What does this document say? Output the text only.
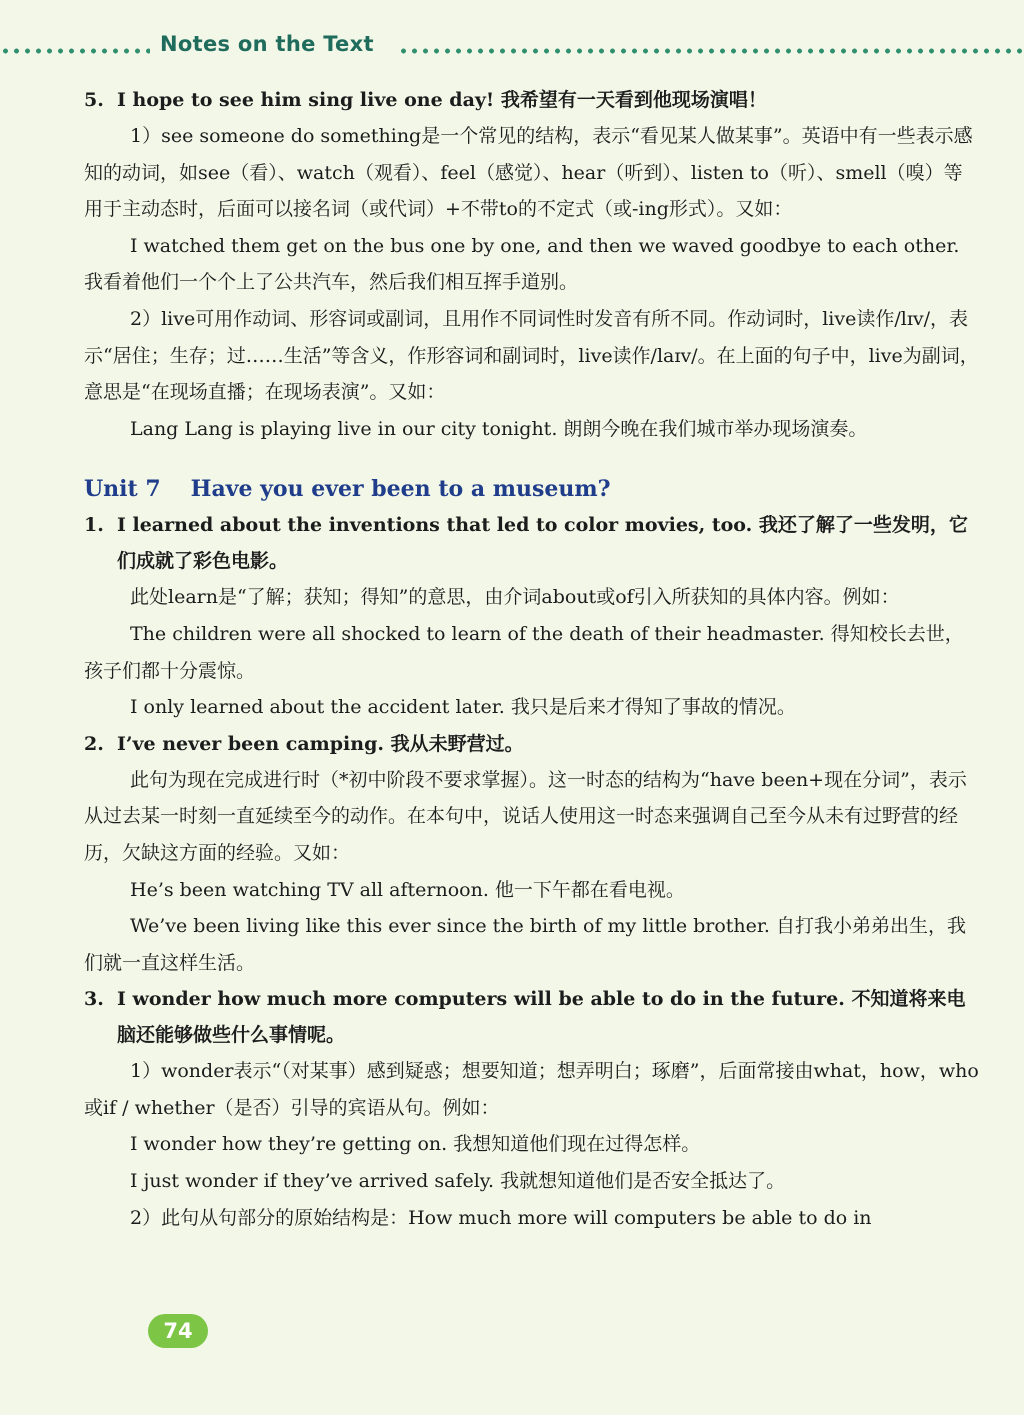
Notes on the Text
5. I hope to see him sing live one day! 我希望有一天看到他现场演唱！

1）see someone do something是一个常见的结构，表示“看见某人做某事”。英语中有一些表示感知的动词，如see（看）、watch（观看）、feel（感觉）、hear（听到）、listen to（听）、smell（嗅）等用于主动态时，后面可以接名词（或代词）+不带to的不定式（或-ing形式）。又如：

I watched them get on the bus one by one, and then we waved goodbye to each other. 我看着他们一个个上了公共汽车，然后我们相互挥手道别。

2）live可用作动词、形容词或副词，且用作不同词性时发音有所不同。作动词时，live读作/lɪv/，表示“居住；生存；过……生活”等含义，作形容词和副词时，live读作/laɪv/。在上面的句子中，live为副词，意思是“在现场直播；在现场表演”。又如：

Lang Lang is playing live in our city tonight. 朗朗今晚在我们城市举办现场演奏。

Unit 7 Have you ever been to a museum?
1. I learned about the inventions that led to color movies, too. 我还了解了一些发明，它们成就了彩色电影。

此处learn是“了解；获知；得知”的意思，由介词about或of引入所获知的具体内容。例如：

The children were all shocked to learn of the death of their headmaster. 得知校长去世，孩子们都十分震惊。

I only learned about the accident later. 我只是后来才得知了事故的情况。

2. I’ve never been camping. 我从未野营过。

此句为现在完成进行时（*初中阶段不要求掌握）。这一时态的结构为“have been+现在分词”，表示从过去某一时刻一直延续至今的动作。在本句中，说话人使用这一时态来强调自己至今从未有过野营的经历，欠缺这方面的经验。又如：

He’s been watching TV all afternoon. 他一下午都在看电视。

We’ve been living like this ever since the birth of my little brother. 自打我小弟弟出生，我们就一直这样生活。

3. I wonder how much more computers will be able to do in the future. 不知道将来电脑还能够做些什么事情呢。

1）wonder表示“（对某事）感到疑惑；想要知道；想弄明白；琢磨”，后面常接由what，how，who或if / whether（是否）引导的宾语从句。例如：

I wonder how they’re getting on. 我想知道他们现在过得怎样。

I just wonder if they’ve arrived safely. 我就想知道他们是否安全抵达了。

2）此句从句部分的原始结构是：How much more will computers be able to do in

74
